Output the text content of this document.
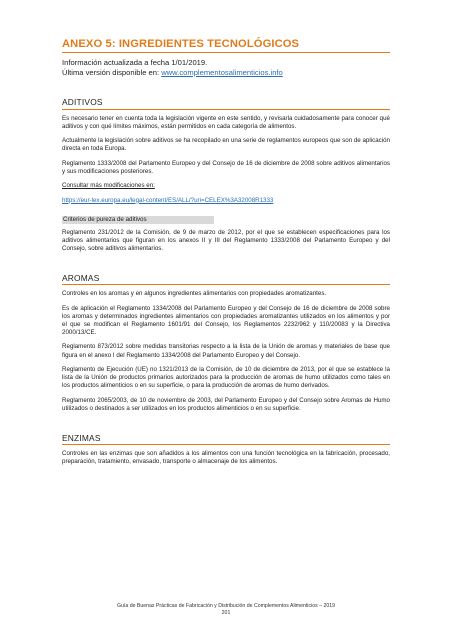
ANEXO 5: INGREDIENTES TECNOLÓGICOS
Información actualizada a fecha 1/01/2019.
Última versión disponible en: www.complementosalimenticios.info
ADITIVOS

Es necesario tener en cuenta toda la legislación vigente en este sentido, y revisarla cuidadosamente para conocer qué aditivos y con qué límites máximos, están permitidos en cada categoría de alimentos.

Actualmente la legislación sobre aditivos se ha recopilado en una serie de reglamentos europeos que son de aplicación directa en toda Europa.

Reglamento 1333/2008 del Parlamento Europeo y del Consejo de 16 de diciembre de 2008 sobre aditivos alimentarios y sus modificaciones posteriores.

Consultar más modificaciones en:

https://eur-lex.europa.eu/legal-content/ES/ALL/?uri=CELEX%3A32008R1333

Criterios de pureza de aditivos

Reglamento 231/2012 de la Comisión, de 9 de marzo de 2012, por el que se establecen especificaciones para los aditivos alimentarios que figuran en los anexos II y III del Reglamento 1333/2008 del Parlamento Europeo y del Consejo, sobre aditivos alimentarios.

AROMAS

Controles en los aromas y en algunos ingredientes alimentarios con propiedades aromatizantes.

Es de aplicación el Reglamento 1334/2008 del Parlamento Europeo y del Consejo de 16 de diciembre de 2008 sobre los aromas y determinados ingredientes alimentarios con propiedades aromatizantes utilizados en los alimentos y por el que se modifican el Reglamento 1601/91 del Consejo, los Reglamentos 2232/962 y 110/20083 y la Directiva 2000/13/CE.

Reglamento 873/2012 sobre medidas transitorias respecto a la lista de la Unión de aromas y materiales de base que figura en el anexo I del Reglamento 1334/2008 del Parlamento Europeo y del Consejo.

Reglamento de Ejecución (UE) no 1321/2013 de la Comisión, de 10 de diciembre de 2013, por el que se establece la lista de la Unión de productos primarios autorizados para la producción de aromas de humo utilizados como tales en los productos alimenticios o en su superficie, o para la producción de aromas de humo derivados.

Reglamento 2065/2003, de 10 de noviembre de 2003, del Parlamento Europeo y del Consejo sobre Aromas de Humo utilizados o destinados a ser utilizados en los productos alimenticios o en su superficie.

ENZIMAS

Controles en las enzimas que son añadidos a los alimentos con una función tecnológica en la fabricación, procesado, preparación, tratamiento, envasado, transporte o almacenaje de los alimentos.

Guía de Buenas Prácticas de Fabricación y Distribución de Complementos Alimenticios – 2019
201
